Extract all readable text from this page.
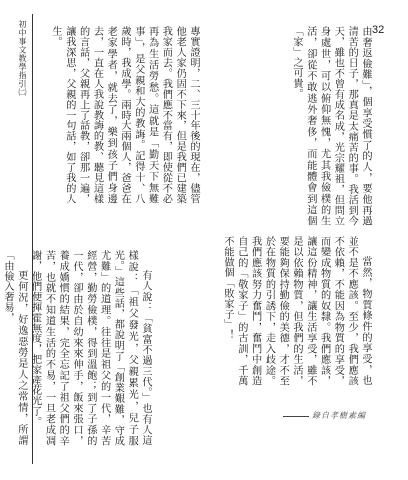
初中事文教學指引㈡	32

專實證明，二、三十年後的現在，儘管他老人家仍固不下來，但是我們已建築我家而去。我們應不當有，即使從不必再為生活勞愁。這就是「勤天下無難事」，是父親和大的教誨。記得十、八歲時，我成學。兩時大兩個人，爸爸在老家學者，就去了，樂到孩子們身邊去，一直在人我說教誨的教、聽見這樣的言話，父親再上了話教，卻那一遍，讓我深思，父親的一句話，如了我的人生。

有人說：「貧富不過三代。」也有人這樣說：「祖父發光，父親累光，兒子服光。」這些話，都說明了「創業艱難，守成尤難」的道理。往往是祖父的一代，辛苦經營，勤勞儉樸，得到溫飽；到了子孫的一代，卻由於自幼來來伸手，飯來張口，養成嬌慣的結果，完全忘記了祖父們的辛苦，也就不知道生活的不易，一旦老成凋謝，他們便揮霍無度，把家產花光了。

更何況，好逸惡勞是人之常情，所謂「由儉入奢易，

由奢返儉難」，個享受慣了的人，要他再過清苦的日子，那真是太痛苦的事。我活到今天，雖也不曾有成名成，光宗耀祖，但問立身處世，可以俯仰無愧，尤其我儉樸的生活，卻從不敢逃外奢侈，而能體會到這個「家」之可貴。

當然，物質條件的享受，也並不是不應該。至少，我們應該不依賴，不能因為物質的享受，而變成物質的奴隸。我們應該，讓這份精神，讓生活享受，雖不是以依賴物質，但我們的生活，要能夠保持勤儉的美德，才不至於在物質的引誘下，走入歧途。我們應該努力奮鬥，奮鬥中創造自己的「敬家子」的古訓，千萬不能做個「敗家子」！

錄自孝樹素編
